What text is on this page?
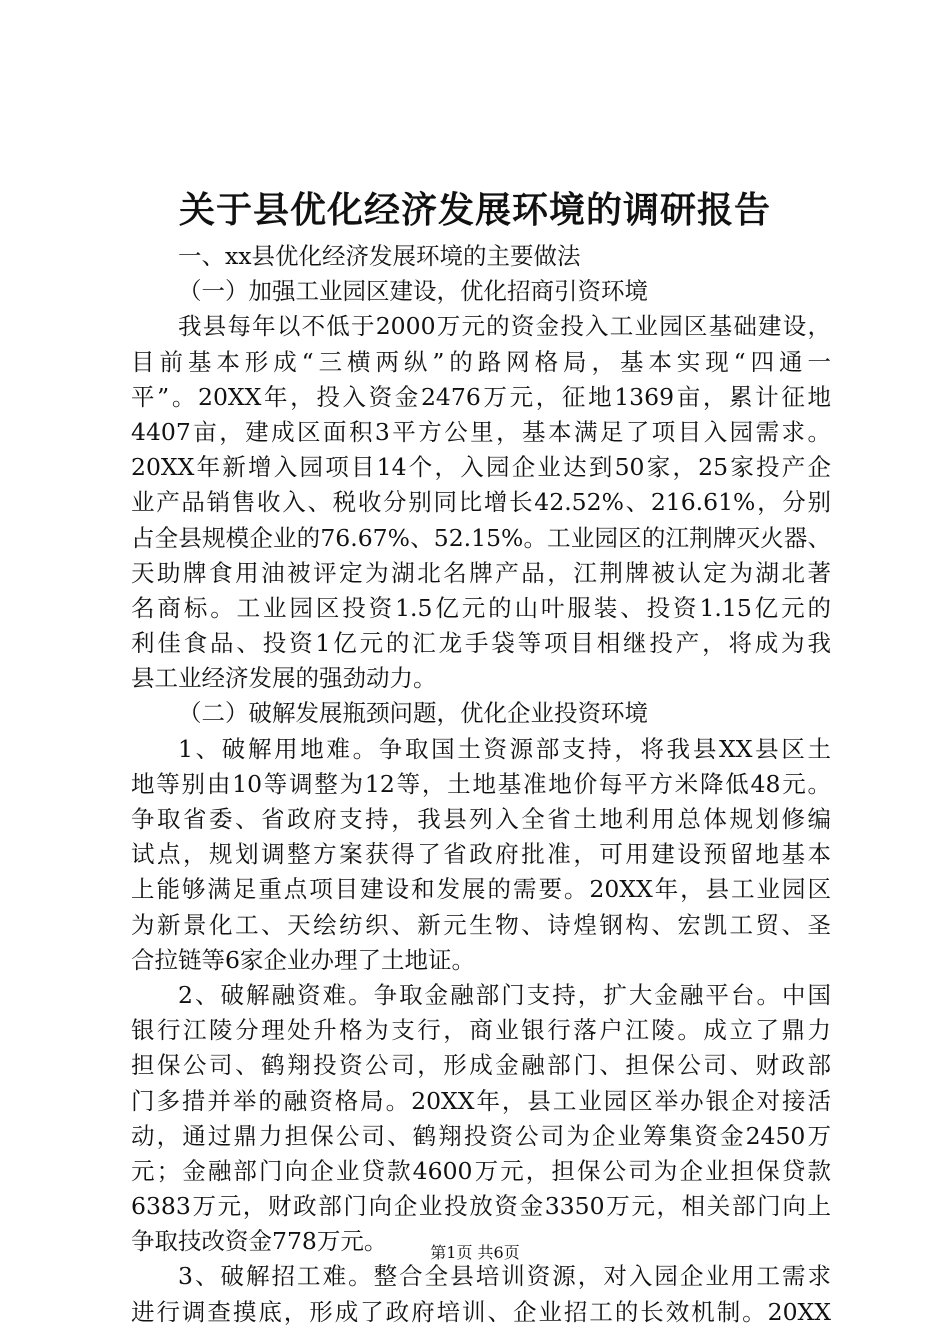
关于县优化经济发展环境的调研报告
一、xx县优化经济发展环境的主要做法
（一）加强工业园区建设，优化招商引资环境
我县每年以不低于2000万元的资金投入工业园区基础建设，
目前基本形成“三横两纵”的路网格局，基本实现“四通一
平”。20XX年，投入资金2476万元，征地1369亩，累计征地
4407亩，建成区面积3平方公里，基本满足了项目入园需求。
20XX年新增入园项目14个，入园企业达到50家，25家投产企
业产品销售收入、税收分别同比增长42.52%、216.61%，分别
占全县规模企业的76.67%、52.15%。工业园区的江荆牌灭火器、
天助牌食用油被评定为湖北名牌产品，江荆牌被认定为湖北著
名商标。工业园区投资1.5亿元的山叶服装、投资1.15亿元的
利佳食品、投资1亿元的汇龙手袋等项目相继投产，将成为我
县工业经济发展的强劲动力。
（二）破解发展瓶颈问题，优化企业投资环境
1、破解用地难。争取国土资源部支持，将我县XX县区土
地等别由10等调整为12等，土地基准地价每平方米降低48元。
争取省委、省政府支持，我县列入全省土地利用总体规划修编
试点，规划调整方案获得了省政府批准，可用建设预留地基本
上能够满足重点项目建设和发展的需要。20XX年，县工业园区
为新景化工、天绘纺织、新元生物、诗煌钢构、宏凯工贸、圣
合拉链等6家企业办理了土地证。
2、破解融资难。争取金融部门支持，扩大金融平台。中国
银行江陵分理处升格为支行，商业银行落户江陵。成立了鼎力
担保公司、鹤翔投资公司，形成金融部门、担保公司、财政部
门多措并举的融资格局。20XX年，县工业园区举办银企对接活
动，通过鼎力担保公司、鹤翔投资公司为企业筹集资金2450万
元；金融部门向企业贷款4600万元，担保公司为企业担保贷款
6383万元，财政部门向企业投放资金3350万元，相关部门向上
争取技改资金778万元。
3、破解招工难。整合全县培训资源，对入园企业用工需求
进行调查摸底，形成了政府培训、企业招工的长效机制。20XX
第1页 共6页
